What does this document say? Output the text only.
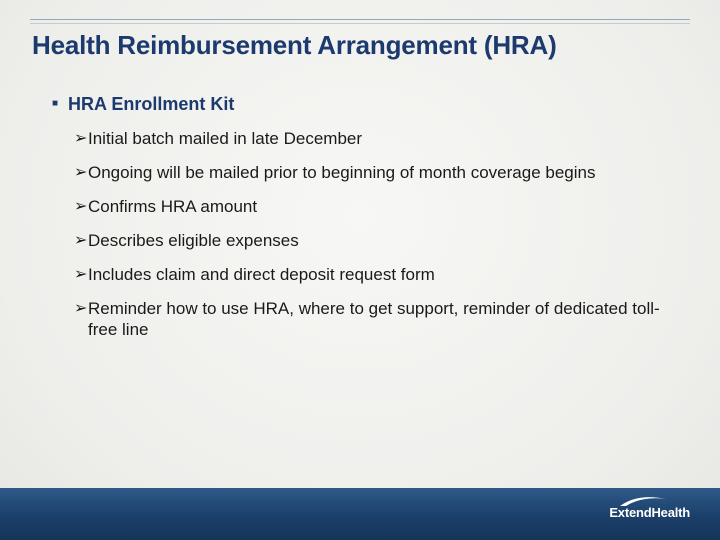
Health Reimbursement Arrangement (HRA)
■ HRA Enrollment Kit
➢ Initial batch mailed in late December
➢ Ongoing will be mailed prior to beginning of month coverage begins
➢ Confirms HRA amount
➢ Describes eligible expenses
➢ Includes claim and direct deposit request form
➢ Reminder how to use HRA, where to get support, reminder of dedicated toll-free line
ExtendHealth
